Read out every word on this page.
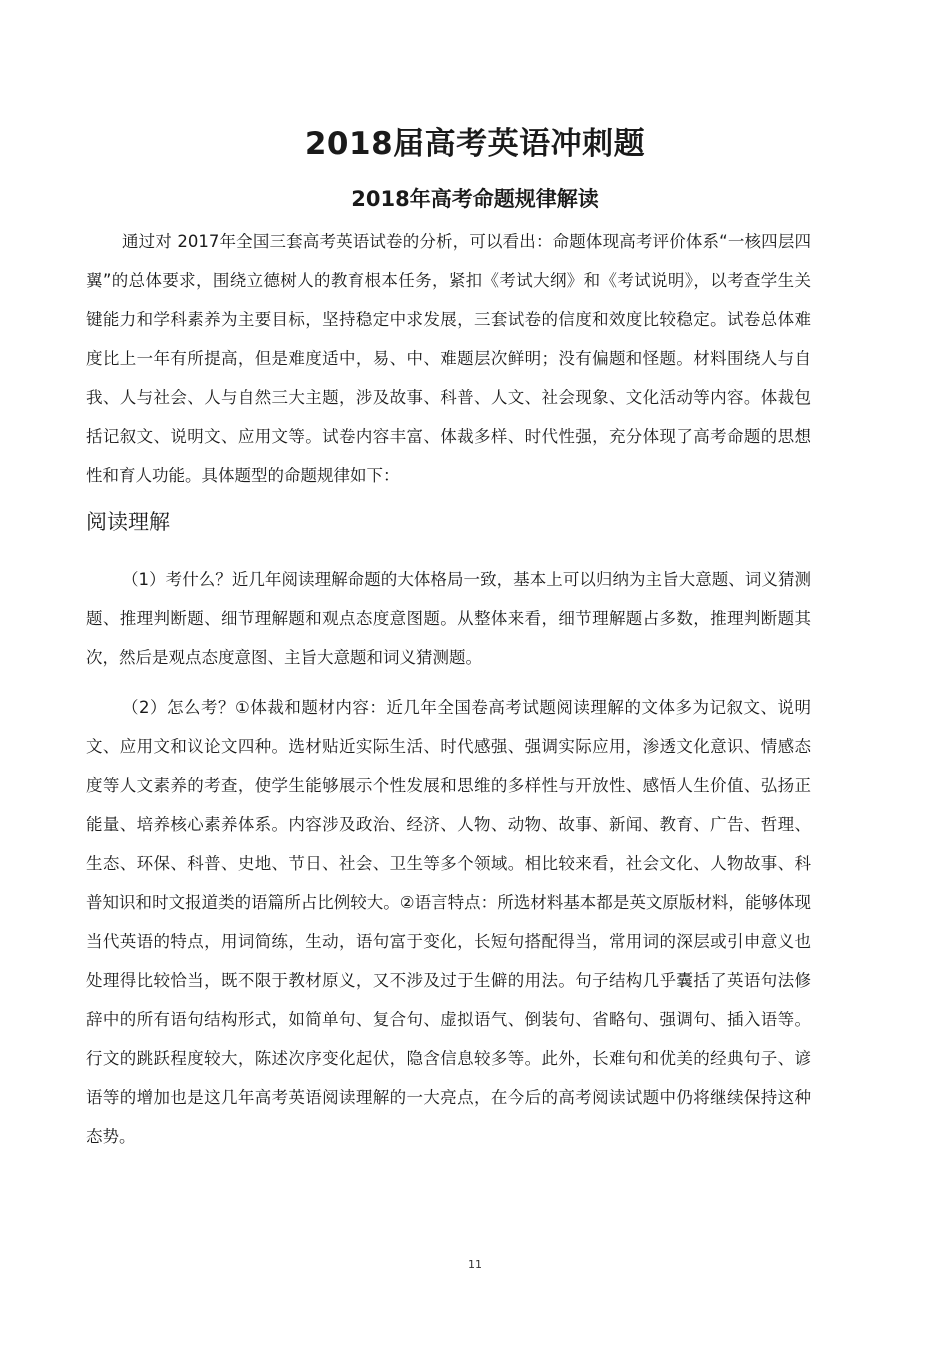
2018届高考英语冲刺题
2018年高考命题规律解读

通过对 2017年全国三套高考英语试卷的分析，可以看出：命题体现高考评价体系“一核四层四翼”的总体要求，围绕立德树人的教育根本任务，紧扣《考试大纲》和《考试说明》，以考查学生关键能力和学科素养为主要目标，坚持稳定中求发展，三套试卷的信度和效度比较稳定。试卷总体难度比上一年有所提高，但是难度适中，易、中、难题层次鲜明；没有偏题和怪题。材料围绕人与自我、人与社会、人与自然三大主题，涉及故事、科普、人文、社会现象、文化活动等内容。体裁包括记叙文、说明文、应用文等。试卷内容丰富、体裁多样、时代性强，充分体现了高考命题的思想性和育人功能。具体题型的命题规律如下：

阅读理解

（1）考什么？近几年阅读理解命题的大体格局一致，基本上可以归纳为主旨大意题、词义猜测题、推理判断题、细节理解题和观点态度意图题。从整体来看，细节理解题占多数，推理判断题其次，然后是观点态度意图、主旨大意题和词义猜测题。

（2）怎么考？①体裁和题材内容：近几年全国卷高考试题阅读理解的文体多为记叙文、说明文、应用文和议论文四种。选材贴近实际生活、时代感强、强调实际应用，渗透文化意识、情感态度等人文素养的考查，使学生能够展示个性发展和思维的多样性与开放性、感悟人生价值、弘扬正能量、培养核心素养体系。内容涉及政治、经济、人物、动物、故事、新闻、教育、广告、哲理、生态、环保、科普、史地、节日、社会、卫生等多个领域。相比较来看，社会文化、人物故事、科普知识和时文报道类的语篇所占比例较大。②语言特点：所选材料基本都是英文原版材料，能够体现当代英语的特点，用词简练，生动，语句富于变化，长短句搭配得当，常用词的深层或引申意义也处理得比较恰当，既不限于教材原义，又不涉及过于生僻的用法。句子结构几乎囊括了英语句法修辞中的所有语句结构形式，如简单句、复合句、虚拟语气、倒装句、省略句、强调句、插入语等。行文的跳跃程度较大，陈述次序变化起伏，隐含信息较多等。此外，长难句和优美的经典句子、谚语等的增加也是这几年高考英语阅读理解的一大亮点，在今后的高考阅读试题中仍将继续保持这种态势。

11
